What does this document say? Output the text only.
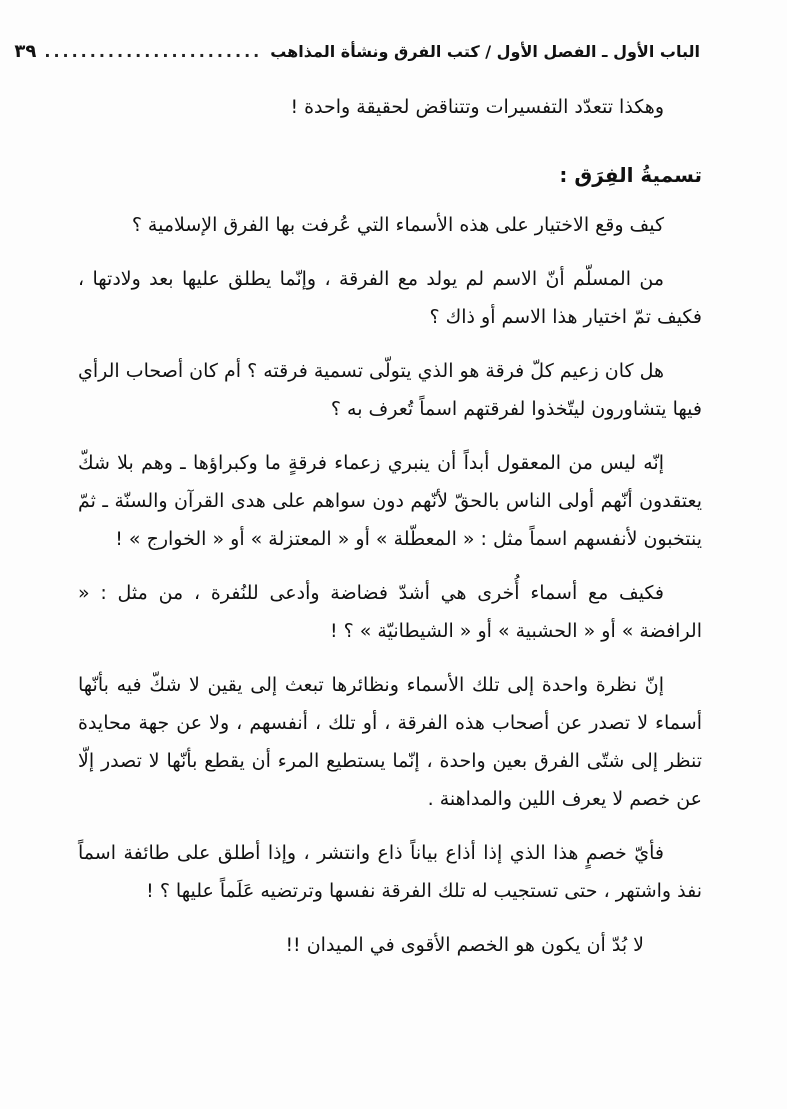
الباب الأول ـ الفصل الأول / كتب الفرق ونشأة المذاهب
........................
٣٩

وهكذا تتعدّد التفسيرات وتتناقض لحقيقة واحدة !

تسميةُ الفِرَق :

كيف وقع الاختيار على هذه الأسماء التي عُرفت بها الفرق الإسلامية ؟

من المسلّم أنّ الاسم لم يولد مع الفرقة ، وإنّما يطلق عليها بعد ولادتها ، فكيف تمّ اختيار هذا الاسم أو ذاك ؟

هل كان زعيم كلّ فرقة هو الذي يتولّى تسمية فرقته ؟ أم كان أصحاب الرأي فيها يتشاورون ليتّخذوا لفرقتهم اسماً تُعرف به ؟

إنّه ليس من المعقول أبداً أن ينبري زعماء فرقةٍ ما وكبراؤها ـ وهم بلا شكّ يعتقدون أنّهم أولى الناس بالحقّ لأنّهم دون سواهم على هدى القرآن والسنّة ـ ثمّ ينتخبون لأنفسهم اسماً مثل : « المعطّلة » أو « المعتزلة » أو « الخوارج » !

فكيف مع أسماء أُخرى هي أشدّ فضاضة وأدعى للنُفرة ، من مثل : « الرافضة » أو « الحشبية » أو « الشيطانيّة » ؟ !

إنّ نظرة واحدة إلى تلك الأسماء ونظائرها تبعث إلى يقين لا شكّ فيه بأنّها أسماء لا تصدر عن أصحاب هذه الفرقة ، أو تلك ، أنفسهم ، ولا عن جهة محايدة تنظر إلى شتّى الفرق بعين واحدة ، إنّما يستطيع المرء أن يقطع بأنّها لا تصدر إلّا عن خصم لا يعرف اللين والمداهنة .

فأيّ خصمٍ هذا الذي إذا أذاع بياناً ذاع وانتشر ، وإذا أطلق على طائفة اسماً نفذ واشتهر ، حتى تستجيب له تلك الفرقة نفسها وترتضيه عَلَماً عليها ؟ !

لا بُدّ أن يكون هو الخصم الأقوى في الميدان !!
